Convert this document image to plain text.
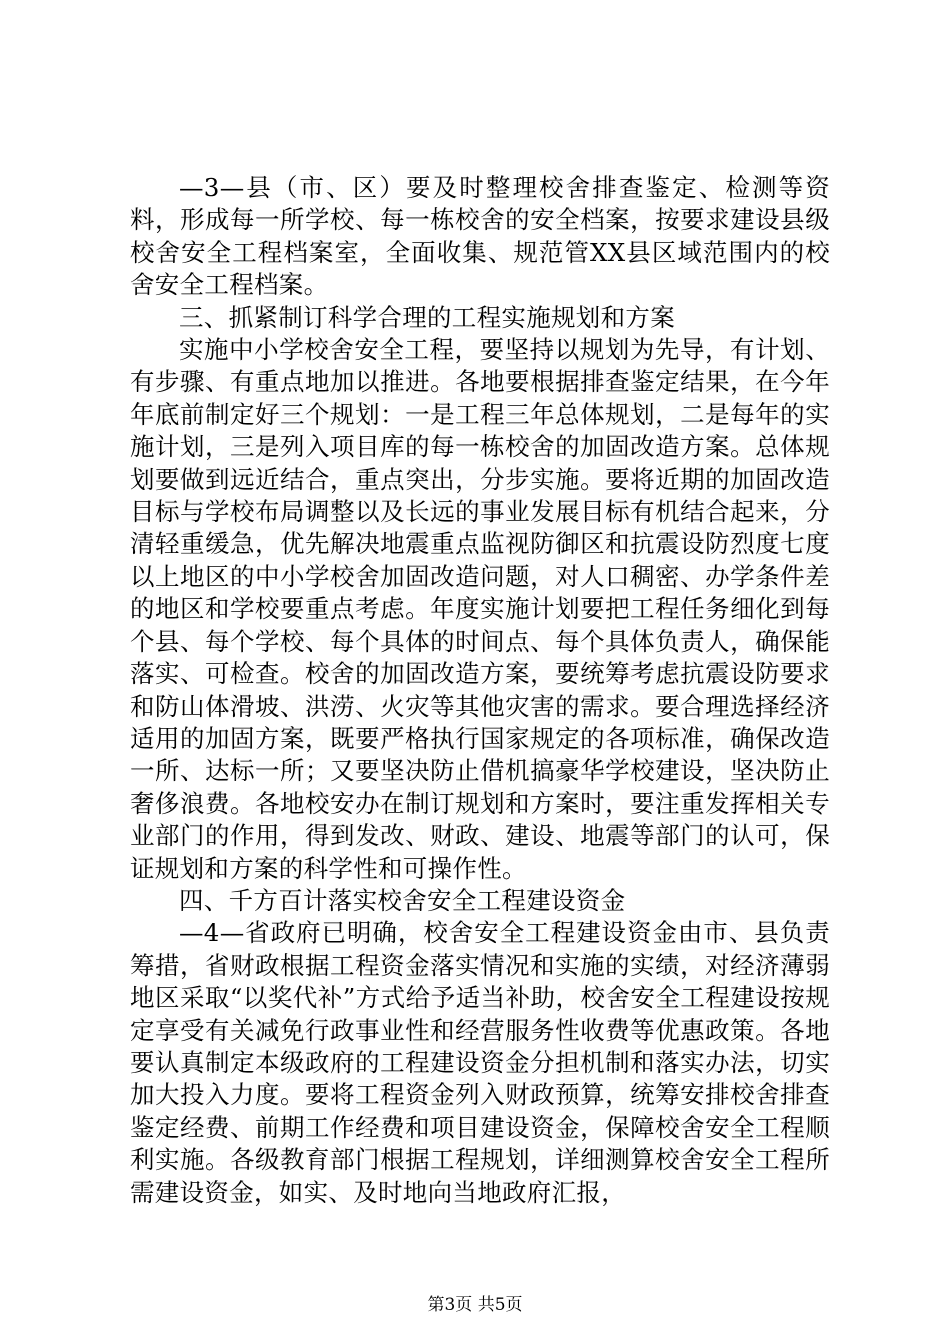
—3—县（市、区）要及时整理校舍排查鉴定、检测等资料，形成每一所学校、每一栋校舍的安全档案，按要求建设县级校舍安全工程档案室，全面收集、规范管XX县区域范围内的校舍安全工程档案。

三、抓紧制订科学合理的工程实施规划和方案

实施中小学校舍安全工程，要坚持以规划为先导，有计划、有步骤、有重点地加以推进。各地要根据排查鉴定结果，在今年年底前制定好三个规划：一是工程三年总体规划，二是每年的实施计划，三是列入项目库的每一栋校舍的加固改造方案。总体规划要做到远近结合，重点突出，分步实施。要将近期的加固改造目标与学校布局调整以及长远的事业发展目标有机结合起来，分清轻重缓急，优先解决地震重点监视防御区和抗震设防烈度七度以上地区的中小学校舍加固改造问题，对人口稠密、办学条件差的地区和学校要重点考虑。年度实施计划要把工程任务细化到每个县、每个学校、每个具体的时间点、每个具体负责人，确保能落实、可检查。校舍的加固改造方案，要统筹考虑抗震设防要求和防山体滑坡、洪涝、火灾等其他灾害的需求。要合理选择经济适用的加固方案，既要严格执行国家规定的各项标准，确保改造一所、达标一所；又要坚决防止借机搞豪华学校建设，坚决防止奢侈浪费。各地校安办在制订规划和方案时，要注重发挥相关专业部门的作用，得到发改、财政、建设、地震等部门的认可，保证规划和方案的科学性和可操作性。

四、千方百计落实校舍安全工程建设资金

—4—省政府已明确，校舍安全工程建设资金由市、县负责筹措，省财政根据工程资金落实情况和实施的实绩，对经济薄弱地区采取“以奖代补”方式给予适当补助，校舍安全工程建设按规定享受有关减免行政事业性和经营服务性收费等优惠政策。各地要认真制定本级政府的工程建设资金分担机制和落实办法，切实加大投入力度。要将工程资金列入财政预算，统筹安排校舍排查鉴定经费、前期工作经费和项目建设资金，保障校舍安全工程顺利实施。各级教育部门根据工程规划，详细测算校舍安全工程所需建设资金，如实、及时地向当地政府汇报，

第3页 共5页
